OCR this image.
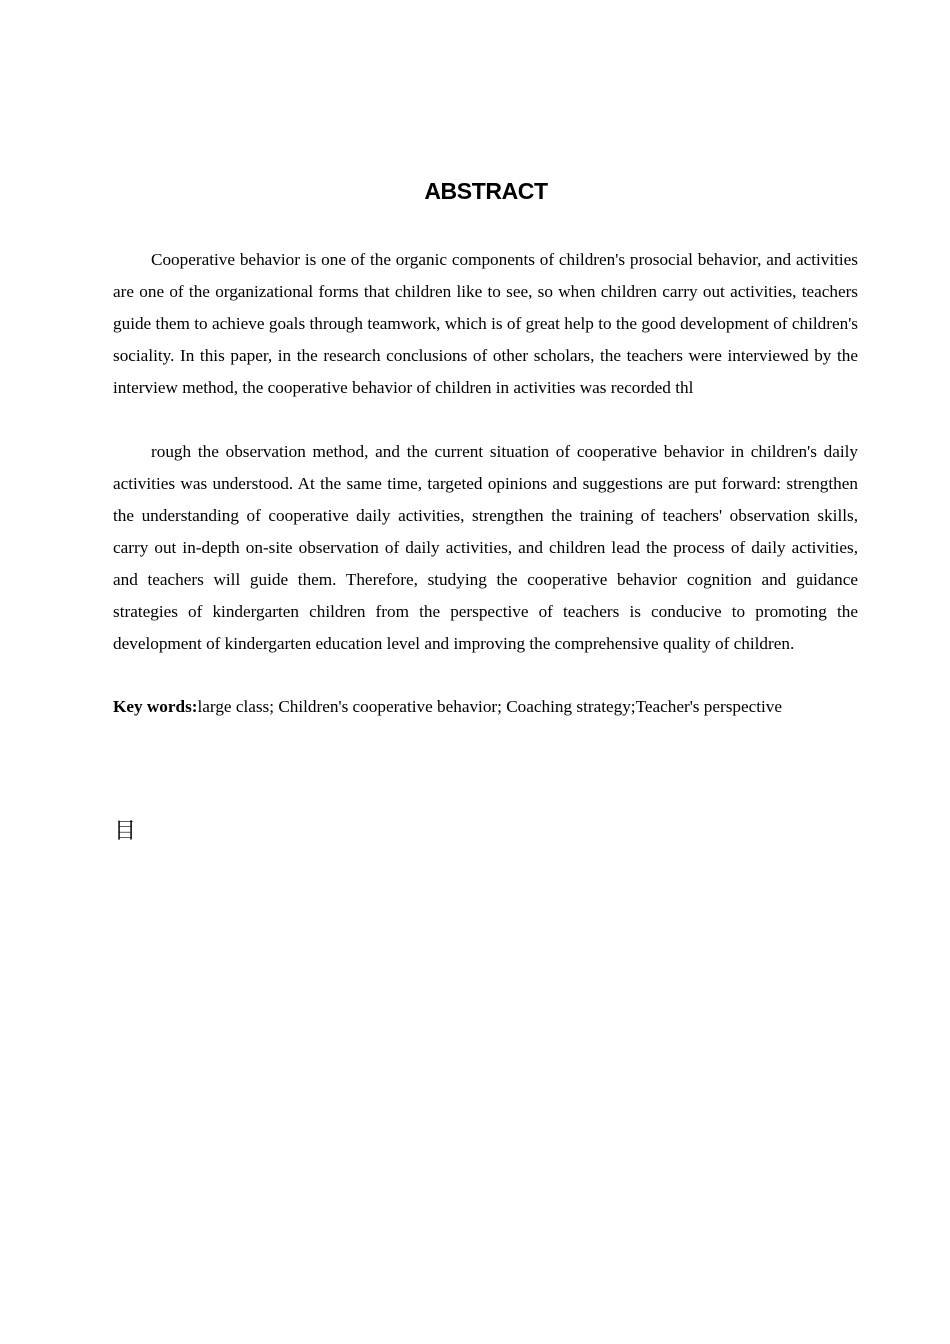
ABSTRACT

Cooperative behavior is one of the organic components of children's prosocial behavior, and activities are one of the organizational forms that children like to see, so when children carry out activities, teachers guide them to achieve goals through teamwork, which is of great help to the good development of children's sociality. In this paper, in the research conclusions of other scholars, the teachers were interviewed by the interview method, the cooperative behavior of children in activities was recorded thl

rough the observation method, and the current situation of cooperative behavior in children's daily activities was understood. At the same time, targeted opinions and suggestions are put forward: strengthen the understanding of cooperative daily activities, strengthen the training of teachers' observation skills, carry out in-depth on-site observation of daily activities, and children lead the process of daily activities, and teachers will guide them. Therefore, studying the cooperative behavior cognition and guidance strategies of kindergarten children from the perspective of teachers is conducive to promoting the development of kindergarten education level and improving the comprehensive quality of children.

Key words:large class; Children's cooperative behavior; Coaching strategy;Teacher's perspective

目
